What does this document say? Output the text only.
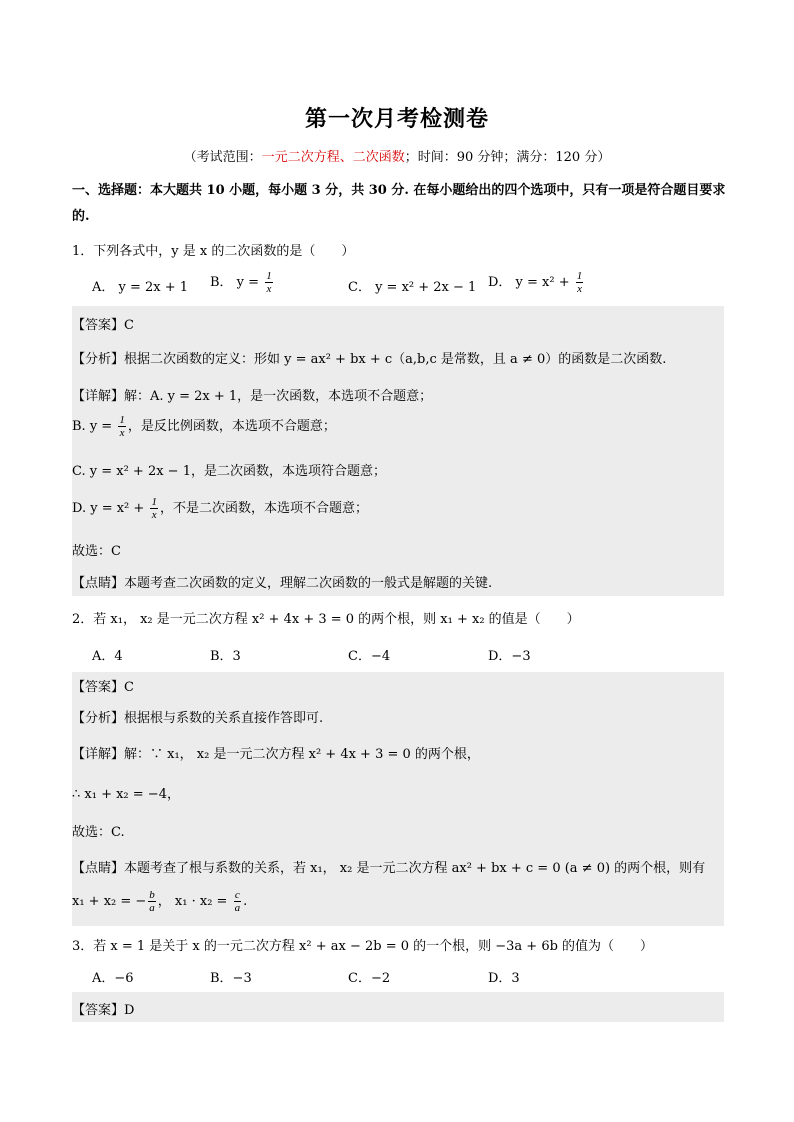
第一次月考检测卷
（考试范围：一元二次方程、二次函数；时间：90 分钟；满分：120 分）
一、选择题：本大题共 10 小题，每小题 3 分，共 30 分. 在每小题给出的四个选项中，只有一项是符合题目要求的.
1．下列各式中，y 是 x 的二次函数的是（　　）
A． y = 2x + 1 B． $y = \frac{1}{x}$	C． y = x² + 2x − 1 D． $y = x^2 + \frac{1}{x}$
【答案】C
【分析】根据二次函数的定义：形如 y = ax² + bx + c（a,b,c 是常数，且 a ≠ 0）的函数是二次函数.
【详解】解：A. y = 2x + 1，是一次函数，本选项不合题意；
B. $y = \frac{1}{x}$ ，是反比例函数，本选项不合题意；
C. y = x² + 2x − 1，是二次函数，本选项符合题意；
D. $y = x^2 + \frac{1}{x}$ ，不是二次函数，本选项不合题意；
故选：C
【点睛】本题考查二次函数的定义，理解二次函数的一般式是解题的关键.
2．若 x₁， x₂ 是一元二次方程 x² + 4x + 3 = 0 的两个根，则 x₁ + x₂ 的值是（　　）
A．4	B．3	C．−4	D．−3
【答案】C
【分析】根据根与系数的关系直接作答即可.
【详解】解：∵ x₁， x₂ 是一元二次方程 x² + 4x + 3 = 0 的两个根，
∴ x₁ + x₂ = −4，
故选：C.
【点睛】本题考查了根与系数的关系，若 x₁， x₂ 是一元二次方程 ax² + bx + c = 0 (a ≠ 0) 的两个根，则有
x₁ + x₂ = − $\frac{b}{a}$ ， $x_1 \cdot x_2 = \frac{c}{a}$ .
3．若 x = 1 是关于 x 的一元二次方程 x² + ax − 2b = 0 的一个根，则 −3a + 6b 的值为（　　）
A．−6	B．−3	C．−2	D．3
【答案】D
